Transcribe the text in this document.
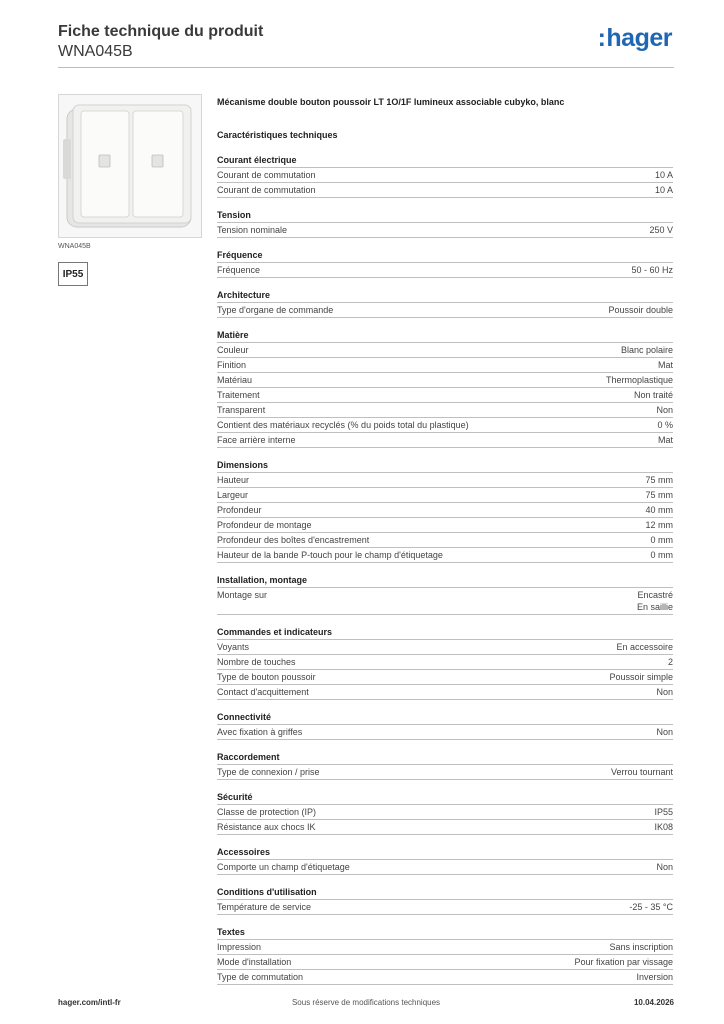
Fiche technique du produit
WNA045B	:hager
WNA045B
IP55
Mécanisme double bouton poussoir LT 1O/1F lumineux associable cubyko, blanc
Caractéristiques techniques
Courant électrique
Courant de commutation	10 A
Courant de commutation	10 A
Tension
Tension nominale	250 V
Fréquence
Fréquence	50 - 60 Hz
Architecture
Type d'organe de commande	Poussoir double
Matière
Couleur	Blanc polaire
Finition	Mat
Matériau	Thermoplastique
Traitement	Non traité
Transparent	Non
Contient des matériaux recyclés (% du poids total du plastique)	0 %
Face arrière interne	Mat
Dimensions
Hauteur	75 mm
Largeur	75 mm
Profondeur	40 mm
Profondeur de montage	12 mm
Profondeur des boîtes d'encastrement	0 mm
Hauteur de la bande P-touch pour le champ d'étiquetage	0 mm
Installation, montage
Montage sur	Encastré
En saillie
Commandes et indicateurs
Voyants	En accessoire
Nombre de touches	2
Type de bouton poussoir	Poussoir simple
Contact d'acquittement	Non
Connectivité
Avec fixation à griffes	Non
Raccordement
Type de connexion / prise	Verrou tournant
Sécurité
Classe de protection (IP)	IP55
Résistance aux chocs IK	IK08
Accessoires
Comporte un champ d'étiquetage	Non
Conditions d'utilisation
Température de service	-25 - 35 °C
Textes
Impression	Sans inscription
Mode d'installation	Pour fixation par vissage
Type de commutation	Inversion
hager.com/intl-fr	Sous réserve de modifications techniques	10.04.2026
